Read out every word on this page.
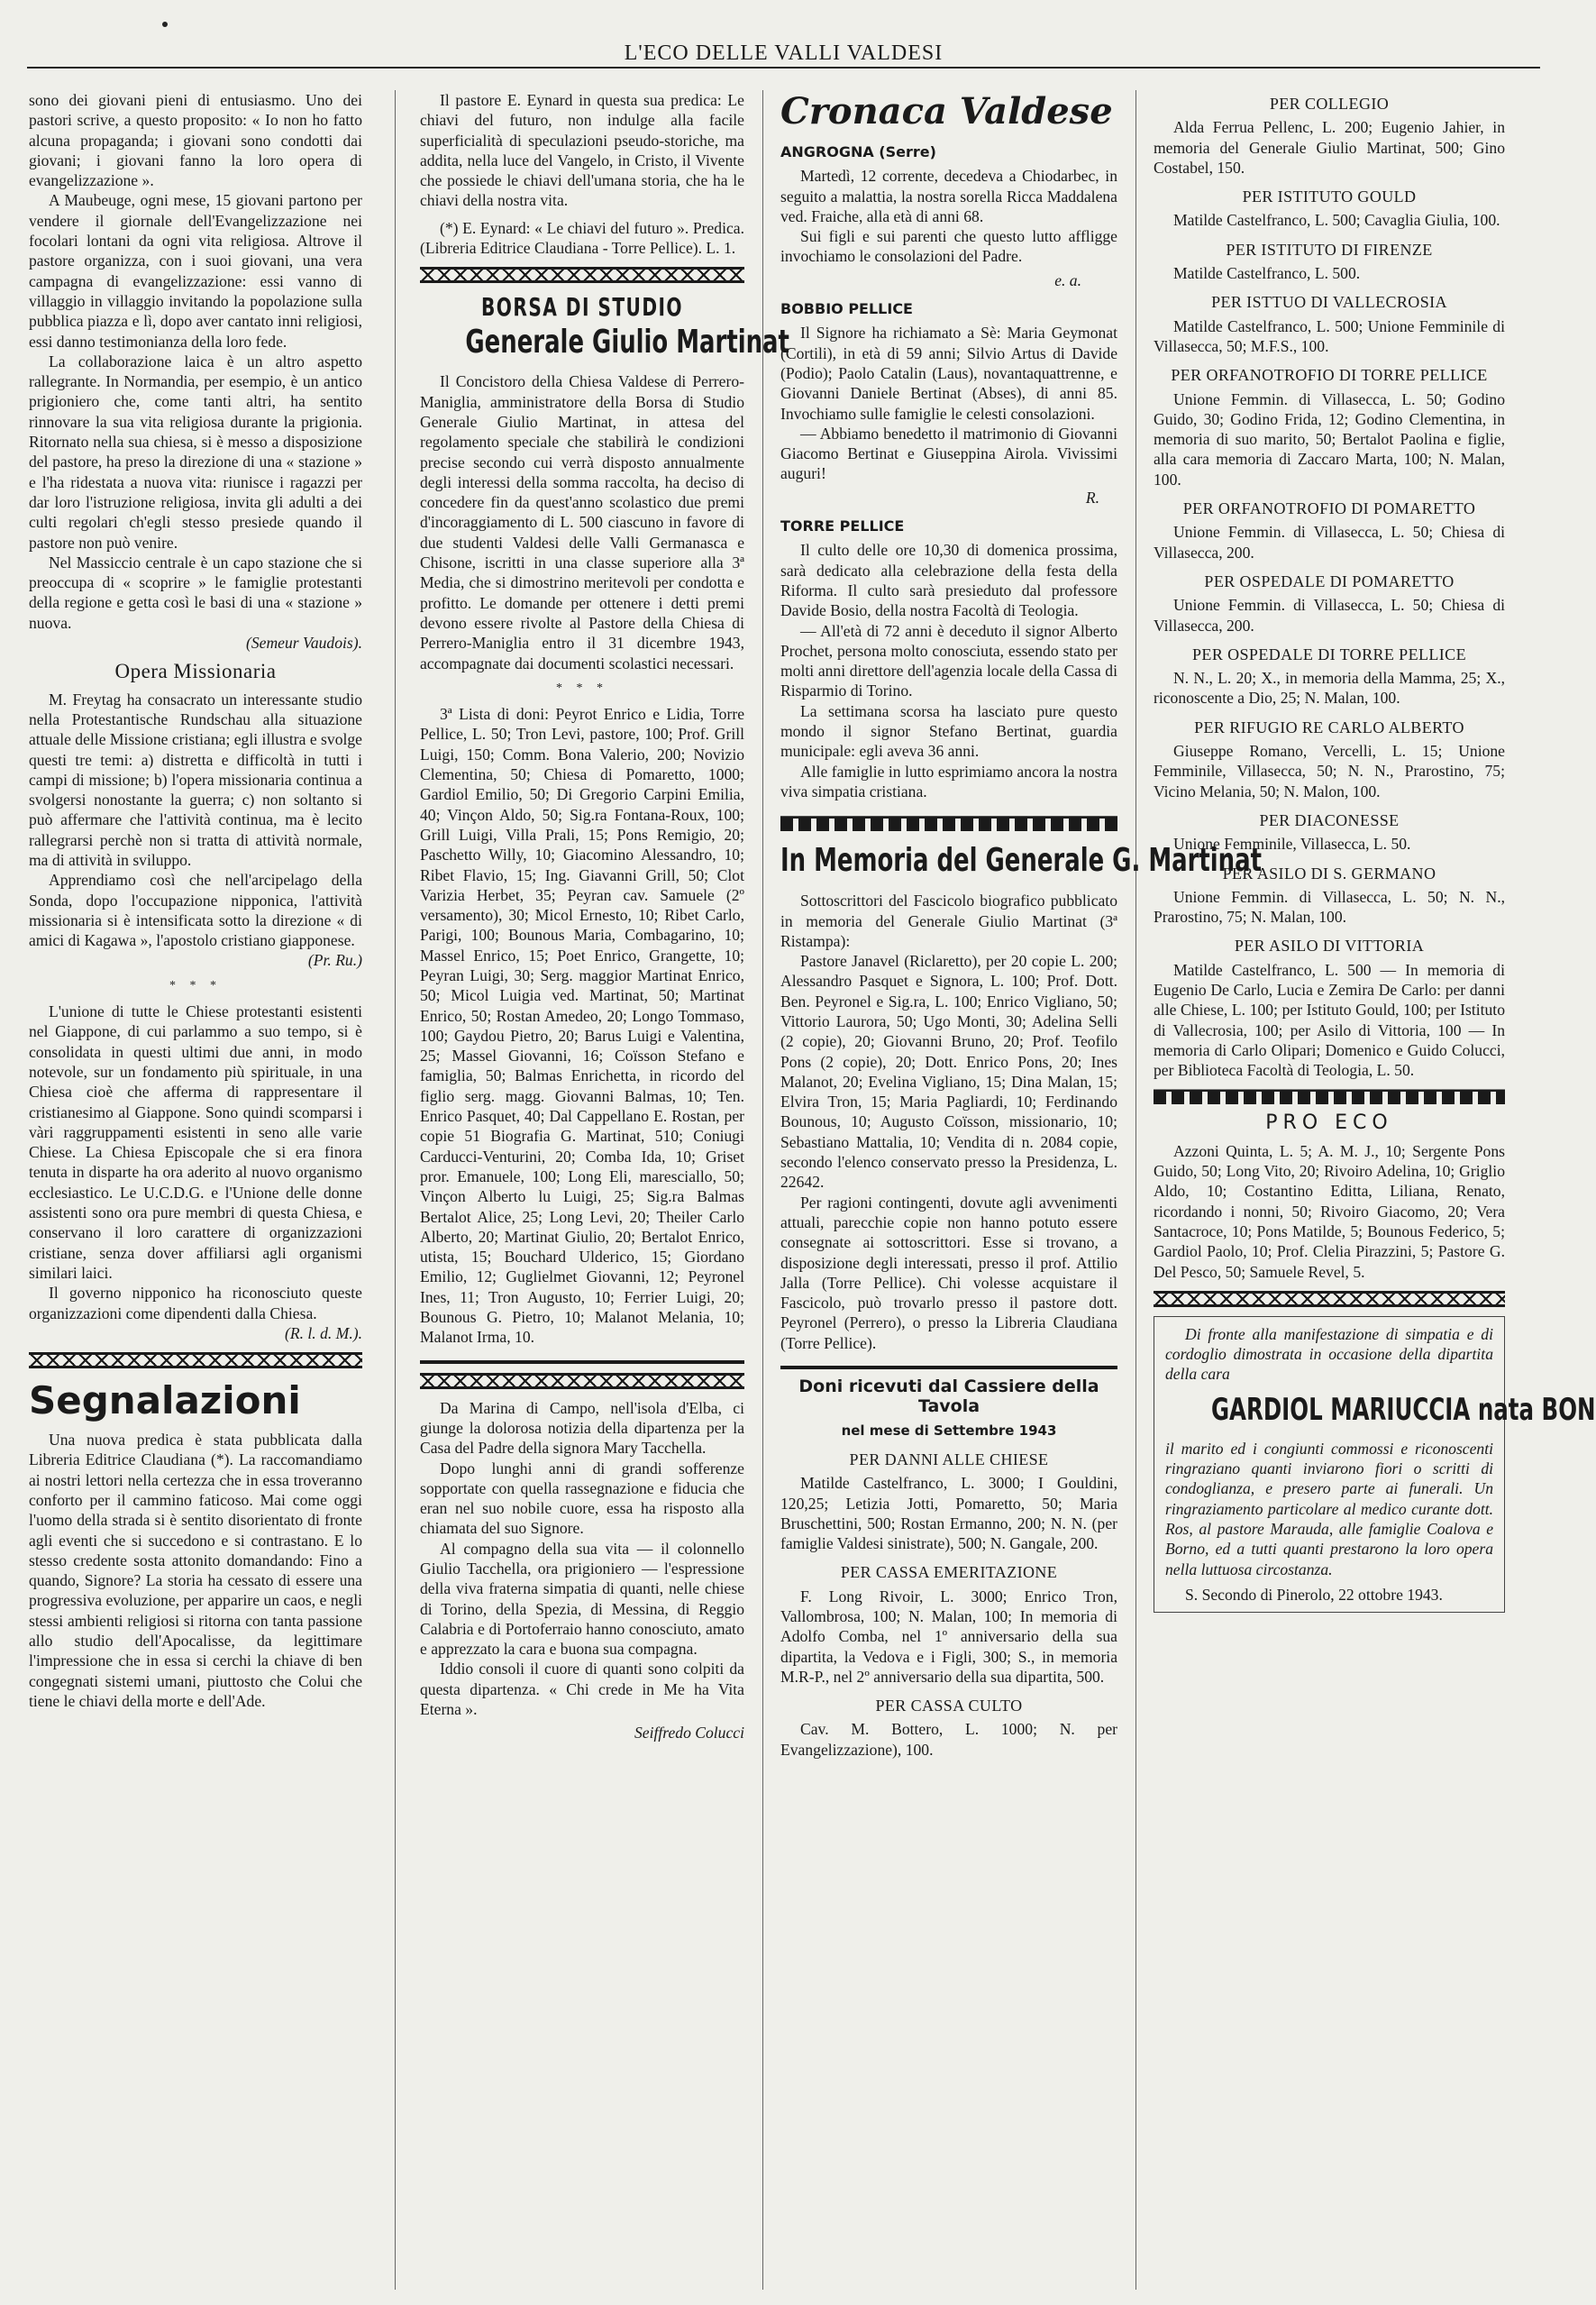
L'ECO DELLE VALLI VALDESI

sono dei giovani pieni di entusiasmo. Uno dei pastori scrive, a questo proposito: « Io non ho fatto alcuna propaganda; i giovani sono condotti dai giovani; i giovani fanno la loro opera di evangelizzazione ».

A Maubeuge, ogni mese, 15 giovani partono per vendere il giornale dell'Evangelizzazione nei focolari lontani da ogni vita religiosa. Altrove il pastore organizza, con i suoi giovani, una vera campagna di evangelizzazione: essi vanno di villaggio in villaggio invitando la popolazione sulla pubblica piazza e lì, dopo aver cantato inni religiosi, essi danno testimonianza della loro fede.

La collaborazione laica è un altro aspetto rallegrante. In Normandia, per esempio, è un antico prigioniero che, come tanti altri, ha sentito rinnovare la sua vita religiosa durante la prigionia. Ritornato nella sua chiesa, si è messo a disposizione del pastore, ha preso la direzione di una « stazione » e l'ha ridestata a nuova vita: riunisce i ragazzi per dar loro l'istruzione religiosa, invita gli adulti a dei culti regolari ch'egli stesso presiede quando il pastore non può venire.

Nel Massiccio centrale è un capo stazione che si preoccupa di « scoprire » le famiglie protestanti della regione e getta così le basi di una « stazione » nuova.

(Semeur Vaudois).
Opera Missionaria

M. Freytag ha consacrato un interessante studio nella Protestantische Rundschau alla situazione attuale delle Missione cristiana; egli illustra e svolge questi tre temi: a) distretta e difficoltà in tutti i campi di missione; b) l'opera missionaria continua a svolgersi nonostante la guerra; c) non soltanto si può affermare che l'attività continua, ma è lecito rallegrarsi perchè non si tratta di attività normale, ma di attività in sviluppo.

Apprendiamo così che nell'arcipelago della Sonda, dopo l'occupazione nipponica, l'attività missionaria si è intensificata sotto la direzione « di amici di Kagawa », l'apostolo cristiano giapponese.

(Pr. Ru.)
* * *

L'unione di tutte le Chiese protestanti esistenti nel Giappone, di cui parlammo a suo tempo, si è consolidata in questi ultimi due anni, in modo notevole, sur un fondamento più spirituale, in una Chiesa cioè che afferma di rappresentare il cristianesimo al Giappone. Sono quindi scomparsi i vàri raggruppamenti esistenti in seno alle varie Chiese. La Chiesa Episcopale che si era finora tenuta in disparte ha ora aderito al nuovo organismo ecclesiastico. Le U.C.D.G. e l'Unione delle donne assistenti sono ora pure membri di questa Chiesa, e conservano il loro carattere di organizzazioni cristiane, senza dover affiliarsi agli organismi similari laici.

Il governo nipponico ha riconosciuto queste organizzazioni come dipendenti dalla Chiesa.

(R. l. d. M.).
Segnalazioni

Una nuova predica è stata pubblicata dalla Libreria Editrice Claudiana (*). La raccomandiamo ai nostri lettori nella certezza che in essa troveranno conforto per il cammino faticoso. Mai come oggi l'uomo della strada si è sentito disorientato di fronte agli eventi che si succedono e si contrastano. E lo stesso credente sosta attonito domandando: Fino a quando, Signore? La storia ha cessato di essere una progressiva evoluzione, per apparire un caos, e negli stessi ambienti religiosi si ritorna con tanta passione allo studio dell'Apocalisse, da legittimare l'impressione che in essa si cerchi la chiave di ben congegnati sistemi umani, piuttosto che Colui che tiene le chiavi della morte e dell'Ade.

Il pastore E. Eynard in questa sua predica: Le chiavi del futuro, non indulge alla facile superficialità di speculazioni pseudo-storiche, ma addita, nella luce del Vangelo, in Cristo, il Vivente che possiede le chiavi dell'umana storia, che ha le chiavi della nostra vita.

(*) E. Eynard: « Le chiavi del futuro ». Predica. (Libreria Editrice Claudiana - Torre Pellice). L. 1.

BORSA DI STUDIO
Generale Giulio Martinat

Il Concistoro della Chiesa Valdese di Perrero-Maniglia, amministratore della Borsa di Studio Generale Giulio Martinat, in attesa del regolamento speciale che stabilirà le condizioni precise secondo cui verrà disposto annualmente degli interessi della somma raccolta, ha deciso di concedere fin da quest'anno scolastico due premi d'incoraggiamento di L. 500 ciascuno in favore di due studenti Valdesi delle Valli Germanasca e Chisone, iscritti in una classe superiore alla 3ª Media, che si dimostrino meritevoli per condotta e profitto. Le domande per ottenere i detti premi devono essere rivolte al Pastore della Chiesa di Perrero-Maniglia entro il 31 dicembre 1943, accompagnate dai documenti scolastici necessari.

* * *

3ª Lista di doni: Peyrot Enrico e Lidia, Torre Pellice, L. 50; Tron Levi, pastore, 100; Prof. Grill Luigi, 150; Comm. Bona Valerio, 200; Novizio Clementina, 50; Chiesa di Pomaretto, 1000; Gardiol Emilio, 50; Di Gregorio Carpini Emilia, 40; Vinçon Aldo, 50; Sig.ra Fontana-Roux, 100; Grill Luigi, Villa Prali, 15; Pons Remigio, 20; Paschetto Willy, 10; Giacomino Alessandro, 10; Ribet Flavio, 15; Ing. Giavanni Grill, 50; Clot Varizia Herbet, 35; Peyran cav. Samuele (2º versamento), 30; Micol Ernesto, 10; Ribet Carlo, Parigi, 100; Bounous Maria, Combagarino, 10; Massel Enrico, 15; Poet Enrico, Grangette, 10; Peyran Luigi, 30; Serg. maggior Martinat Enrico, 50; Micol Luigia ved. Martinat, 50; Martinat Enrico, 50; Rostan Amedeo, 20; Longo Tommaso, 100; Gaydou Pietro, 20; Barus Luigi e Valentina, 25; Massel Giovanni, 16; Coïsson Stefano e famiglia, 50; Balmas Enrichetta, in ricordo del figlio serg. magg. Giovanni Balmas, 10; Ten. Enrico Pasquet, 40; Dal Cappellano E. Rostan, per copie 51 Biografia G. Martinat, 510; Coniugi Carducci-Venturini, 20; Comba Ida, 10; Griset pror. Emanuele, 100; Long Eli, maresciallo, 50; Vinçon Alberto lu Luigi, 25; Sig.ra Balmas Bertalot Alice, 25; Long Levi, 20; Theiler Carlo Alberto, 20; Martinat Giulio, 20; Bertalot Enrico, utista, 15; Bouchard Ulderico, 15; Giordano Emilio, 12; Guglielmet Giovanni, 12; Peyronel Ines, 11; Tron Augusto, 10; Ferrier Luigi, 20; Bounous G. Pietro, 10; Malanot Melania, 10; Malanot Irma, 10.

Da Marina di Campo, nell'isola d'Elba, ci giunge la dolorosa notizia della dipartenza per la Casa del Padre della signora Mary Tacchella.

Dopo lunghi anni di grandi sofferenze sopportate con quella rassegnazione e fiducia che eran nel suo nobile cuore, essa ha risposto alla chiamata del suo Signore.

Al compagno della sua vita — il colonnello Giulio Tacchella, ora prigioniero — l'espressione della viva fraterna simpatia di quanti, nelle chiese di Torino, della Spezia, di Messina, di Reggio Calabria e di Portoferraio hanno conosciuto, amato e apprezzato la cara e buona sua compagna.

Iddio consoli il cuore di quanti sono colpiti da questa dipartenza. « Chi crede in Me ha Vita Eterna ».

Seiffredo Colucci
Cronaca Valdese
ANGROGNA (Serre)

Martedì, 12 corrente, decedeva a Chiodarbec, in seguito a malattia, la nostra sorella Ricca Maddalena ved. Fraiche, alla età di anni 68.

Sui figli e sui parenti che questo lutto affligge invochiamo le consolazioni del Padre.

e. a.
BOBBIO PELLICE

Il Signore ha richiamato a Sè: Maria Geymonat (Cortili), in età di 59 anni; Silvio Artus di Davide (Podio); Paolo Catalin (Laus), novantaquattrenne, e Giovanni Daniele Bertinat (Abses), di anni 85. Invochiamo sulle famiglie le celesti consolazioni.

— Abbiamo benedetto il matrimonio di Giovanni Giacomo Bertinat e Giuseppina Airola. Vivissimi auguri!

R.
TORRE PELLICE

Il culto delle ore 10,30 di domenica prossima, sarà dedicato alla celebrazione della festa della Riforma. Il culto sarà presieduto dal professore Davide Bosio, della nostra Facoltà di Teologia.

— All'età di 72 anni è deceduto il signor Alberto Prochet, persona molto conosciuta, essendo stato per molti anni direttore dell'agenzia locale della Cassa di Risparmio di Torino.

La settimana scorsa ha lasciato pure questo mondo il signor Stefano Bertinat, guardia municipale: egli aveva 36 anni.

Alle famiglie in lutto esprimiamo ancora la nostra viva simpatia cristiana.

In Memoria del Generale G. Martinat

Sottoscrittori del Fascicolo biografico pubblicato in memoria del Generale Giulio Martinat (3ª Ristampa):

Pastore Janavel (Riclaretto), per 20 copie L. 200; Alessandro Pasquet e Signora, L. 100; Prof. Dott. Ben. Peyronel e Sig.ra, L. 100; Enrico Vigliano, 50; Vittorio Laurora, 50; Ugo Monti, 30; Adelina Selli (2 copie), 20; Giovanni Bruno, 20; Prof. Teofilo Pons (2 copie), 20; Dott. Enrico Pons, 20; Ines Malanot, 20; Evelina Vigliano, 15; Dina Malan, 15; Elvira Tron, 15; Maria Pagliardi, 10; Ferdinando Bounous, 10; Augusto Coïsson, missionario, 10; Sebastiano Mattalia, 10; Vendita di n. 2084 copie, secondo l'elenco conservato presso la Presidenza, L. 22642.

Per ragioni contingenti, dovute agli avvenimenti attuali, parecchie copie non hanno potuto essere consegnate ai sottoscrittori. Esse si trovano, a disposizione degli interessati, presso il prof. Attilio Jalla (Torre Pellice). Chi volesse acquistare il Fascicolo, può trovarlo presso il pastore dott. Peyronel (Perrero), o presso la Libreria Claudiana (Torre Pellice).

Doni ricevuti dal Cassiere della Tavola
nel mese di Settembre 1943
PER DANNI ALLE CHIESE

Matilde Castelfranco, L. 3000; I Gouldini, 120,25; Letizia Jotti, Pomaretto, 50; Maria Bruschettini, 500; Rostan Ermanno, 200; N. N. (per famiglie Valdesi sinistrate), 500; N. Gangale, 200.

PER CASSA EMERITAZIONE

F. Long Rivoir, L. 3000; Enrico Tron, Vallombrosa, 100; N. Malan, 100; In memoria di Adolfo Comba, nel 1º anniversario della sua dipartita, la Vedova e i Figli, 300; S., in memoria M.R-P., nel 2º anniversario della sua dipartita, 500.

PER CASSA CULTO

Cav. M. Bottero, L. 1000; N. per Evangelizzazione), 100.

PER COLLEGIO

Alda Ferrua Pellenc, L. 200; Eugenio Jahier, in memoria del Generale Giulio Martinat, 500; Gino Costabel, 150.

PER ISTITUTO GOULD

Matilde Castelfranco, L. 500; Cavaglia Giulia, 100.

PER ISTITUTO DI FIRENZE

Matilde Castelfranco, L. 500.

PER ISTTUO DI VALLECROSIA

Matilde Castelfranco, L. 500; Unione Femminile di Villasecca, 50; M.F.S., 100.

PER ORFANOTROFIO DI TORRE PELLICE

Unione Femmin. di Villasecca, L. 50; Godino Guido, 30; Godino Frida, 12; Godino Clementina, in memoria di suo marito, 50; Bertalot Paolina e figlie, alla cara memoria di Zaccaro Marta, 100; N. Malan, 100.

PER ORFANOTROFIO DI POMARETTO

Unione Femmin. di Villasecca, L. 50; Chiesa di Villasecca, 200.

PER OSPEDALE DI POMARETTO

Unione Femmin. di Villasecca, L. 50; Chiesa di Villasecca, 200.

PER OSPEDALE DI TORRE PELLICE

N. N., L. 20; X., in memoria della Mamma, 25; X., riconoscente a Dio, 25; N. Malan, 100.

PER RIFUGIO RE CARLO ALBERTO

Giuseppe Romano, Vercelli, L. 15; Unione Femminile, Villasecca, 50; N. N., Prarostino, 75; Vicino Melania, 50; N. Malon, 100.

PER DIACONESSE

Unione Femminile, Villasecca, L. 50.

PER ASILO DI S. GERMANO

Unione Femmin. di Villasecca, L. 50; N. N., Prarostino, 75; N. Malan, 100.

PER ASILO DI VITTORIA

Matilde Castelfranco, L. 500 — In memoria di Eugenio De Carlo, Lucia e Zemira De Carlo: per danni alle Chiese, L. 100; per Istituto Gould, 100; per Istituto di Vallecrosia, 100; per Asilo di Vittoria, 100 — In memoria di Carlo Olipari; Domenico e Guido Colucci, per Biblioteca Facoltà di Teologia, L. 50.

PRO ECO

Azzoni Quinta, L. 5; A. M. J., 10; Sergente Pons Guido, 50; Long Vito, 20; Rivoiro Adelina, 10; Griglio Aldo, 10; Costantino Editta, Liliana, Renato, ricordando i nonni, 50; Rivoiro Giacomo, 20; Vera Santacroce, 10; Pons Matilde, 5; Bounous Federico, 5; Gardiol Paolo, 10; Prof. Clelia Pirazzini, 5; Pastore G. Del Pesco, 50; Samuele Revel, 5.

Di fronte alla manifestazione di simpatia e di cordoglio dimostrata in occasione della dipartita della cara

GARDIOL MARIUCCIA nata BON

il marito ed i congiunti commossi e riconoscenti ringraziano quanti inviarono fiori o scritti di condoglianza, e presero parte ai funerali. Un ringraziamento particolare al medico curante dott. Ros, al pastore Marauda, alle famiglie Coalova e Borno, ed a tutti quanti prestarono la loro opera nella luttuosa circostanza.

S. Secondo di Pinerolo, 22 ottobre 1943.
